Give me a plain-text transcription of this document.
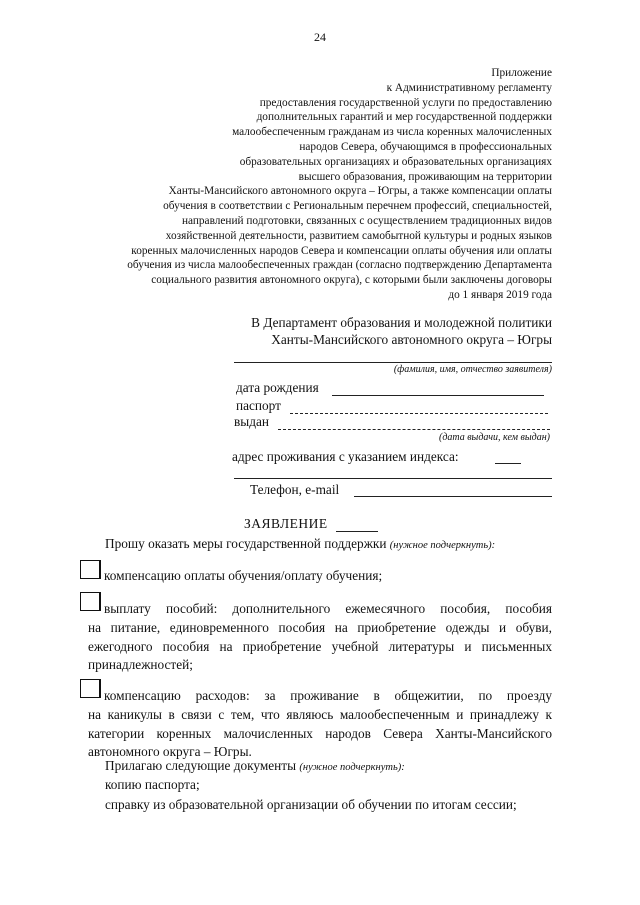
24
Приложение
к Административному регламенту
предоставления государственной услуги по предоставлению
дополнительных гарантий и мер государственной поддержки
малообеспеченным гражданам из числа коренных малочисленных
народов Севера, обучающимся в профессиональных
образовательных организациях и образовательных организациях
высшего образования, проживающим на территории
Ханты-Мансийского автономного округа – Югры, а также компенсации оплаты
обучения в соответствии с Региональным перечнем профессий, специальностей,
направлений подготовки, связанных с осуществлением традиционных видов
хозяйственной деятельности, развитием самобытной культуры и родных языков
коренных малочисленных народов Севера и компенсации оплаты обучения или оплаты
обучения из числа малообеспеченных граждан (согласно подтверждению Департамента
социального развития автономного округа), с которыми были заключены договоры
до 1 января 2019 года
В Департамент образования и молодежной политики
Ханты-Мансийского автономного округа – Югры
(фамилия, имя, отчество заявителя)
дата рождения
паспорт
выдан
(дата выдачи, кем выдан)
адрес проживания с указанием индекса:
Телефон, e-mail
ЗАЯВЛЕНИЕ
Прошу оказать меры государственной поддержки (нужное подчеркнуть):
компенсацию оплаты обучения/оплату обучения;
выплату пособий: дополнительного ежемесячного пособия, пособия
на питание, единовременного пособия на приобретение одежды и обуви, ежегодного пособия на приобретение учебной литературы и письменных принадлежностей;
компенсацию расходов: за проживание в общежитии, по проезду
на каникулы в связи с тем, что являюсь малообеспеченным и принадлежу к категории коренных малочисленных народов Севера Ханты-Мансийского автономного округа – Югры.
Прилагаю следующие документы (нужное подчеркнуть):
копию паспорта;
справку из образовательной организации об обучении по итогам сессии;
